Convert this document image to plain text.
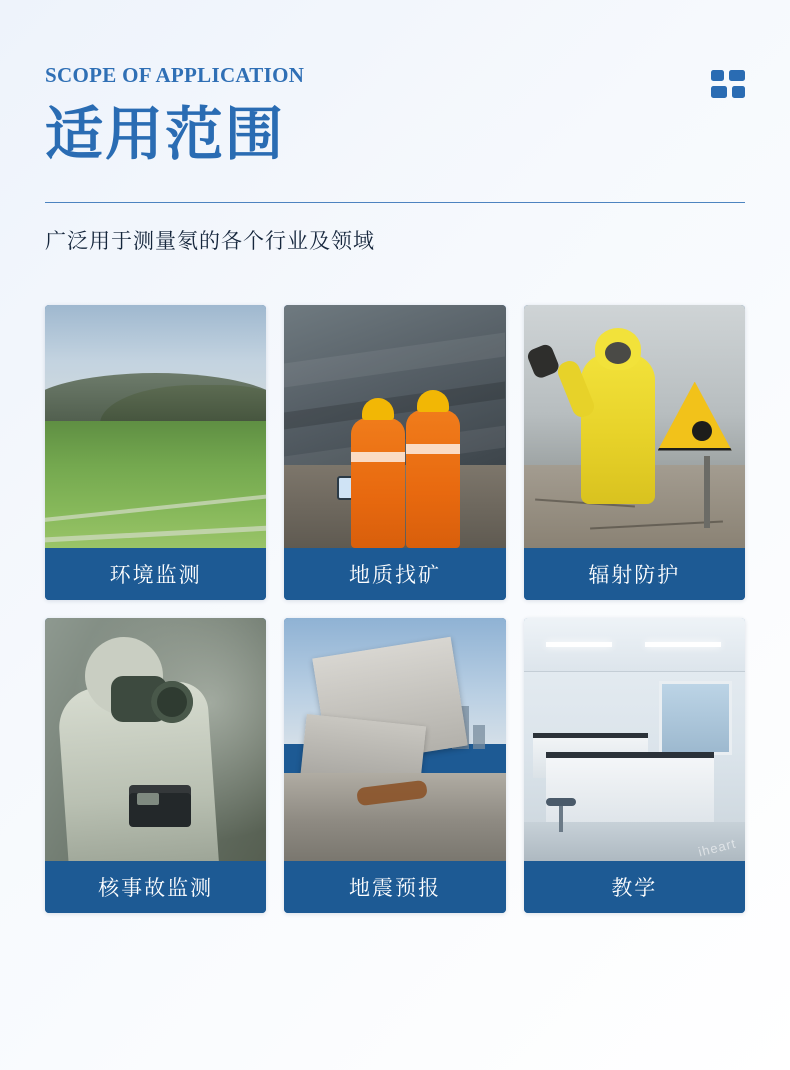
SCOPE OF APPLICATION
适用范围
广泛用于测量氡的各个行业及领域
环境监测	地质找矿	辐射防护
核事故监测	地震预报
iheart
教学
